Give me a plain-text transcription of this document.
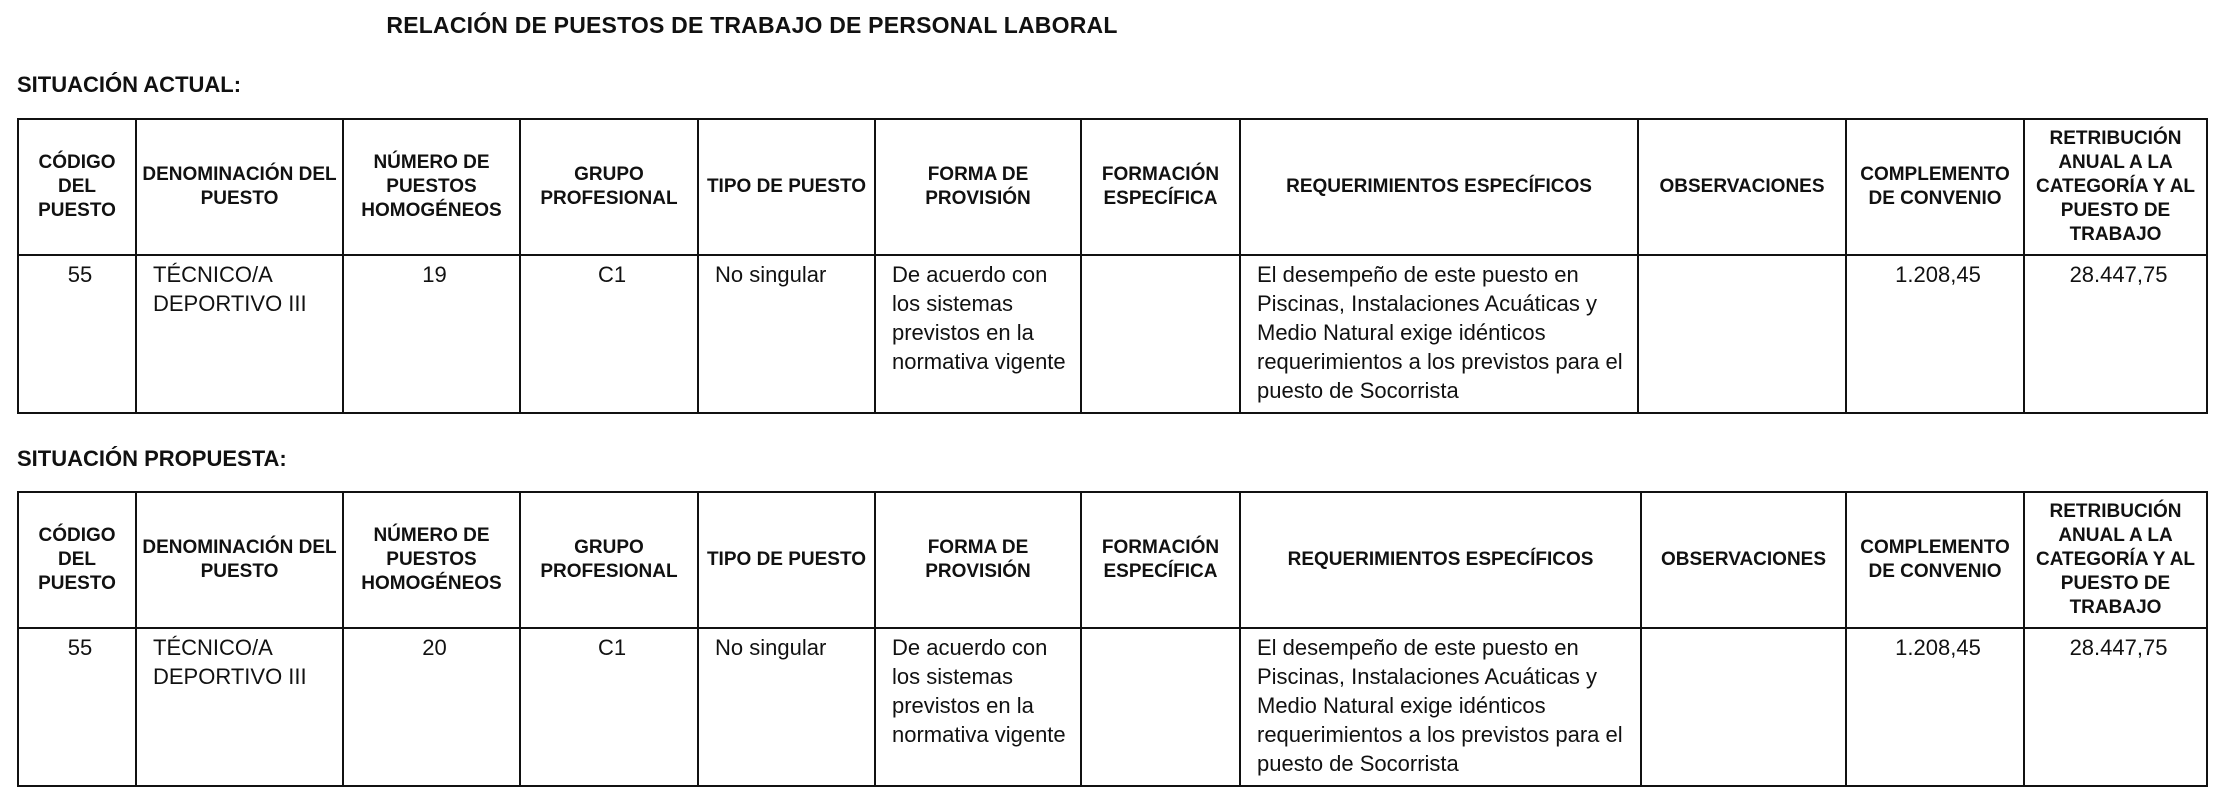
RELACIÓN DE PUESTOS DE TRABAJO DE PERSONAL LABORAL
SITUACIÓN ACTUAL:
CÓDIGO DEL PUESTO	DENOMINACIÓN DEL PUESTO	NÚMERO DE PUESTOS HOMOGÉNEOS	GRUPO PROFESIONAL	TIPO DE PUESTO	FORMA DE PROVISIÓN	FORMACIÓN ESPECÍFICA	REQUERIMIENTOS ESPECÍFICOS	OBSERVACIONES	COMPLEMENTO DE CONVENIO	RETRIBUCIÓN ANUAL A LA CATEGORÍA Y AL PUESTO DE TRABAJO
55	TÉCNICO/A DEPORTIVO III	19	C1	No singular	De acuerdo con los sistemas previstos en la normativa vigente		El desempeño de este puesto en Piscinas, Instalaciones Acuáticas y Medio Natural exige idénticos requerimientos a los previstos para el puesto de Socorrista		1.208,45	28.447,75
SITUACIÓN PROPUESTA:
CÓDIGO DEL PUESTO	DENOMINACIÓN DEL PUESTO	NÚMERO DE PUESTOS HOMOGÉNEOS	GRUPO PROFESIONAL	TIPO DE PUESTO	FORMA DE PROVISIÓN	FORMACIÓN ESPECÍFICA	REQUERIMIENTOS ESPECÍFICOS	OBSERVACIONES	COMPLEMENTO DE CONVENIO	RETRIBUCIÓN ANUAL A LA CATEGORÍA Y AL PUESTO DE TRABAJO
55	TÉCNICO/A DEPORTIVO III	20	C1	No singular	De acuerdo con los sistemas previstos en la normativa vigente		El desempeño de este puesto en Piscinas, Instalaciones Acuáticas y Medio Natural exige idénticos requerimientos a los previstos para el puesto de Socorrista		1.208,45	28.447,75
